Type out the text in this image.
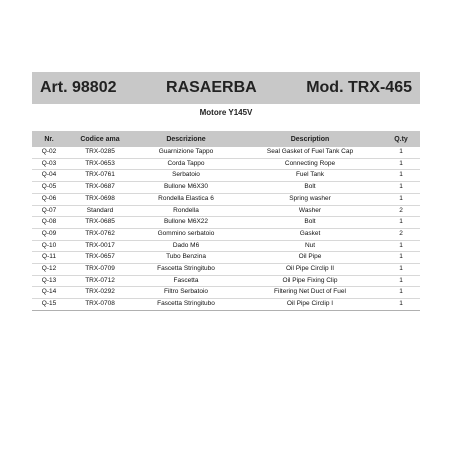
Art. 98802	RASAERBA	Mod. TRX-465
Motore Y145V
Nr.	Codice ama	Descrizione	Description	Q.ty
Q-02	TRX-0285	Guarnizione Tappo	Seal Gasket of Fuel Tank Cap	1
Q-03	TRX-0653	Corda Tappo	Connecting Rope	1
Q-04	TRX-0761	Serbatoio	Fuel Tank	1
Q-05	TRX-0687	Bullone M6X30	Bolt	1
Q-06	TRX-0698	Rondella Elastica 6	Spring washer	1
Q-07	Standard	Rondella	Washer	2
Q-08	TRX-0685	Bullone M6X22	Bolt	1
Q-09	TRX-0762	Gommino serbatoio	Gasket	2
Q-10	TRX-0017	Dado M6	Nut	1
Q-11	TRX-0657	Tubo Benzina	Oil Pipe	1
Q-12	TRX-0709	Fascetta Stringitubo	Oil Pipe Circlip II	1
Q-13	TRX-0712	Fascetta	Oil Pipe Fixing Clip	1
Q-14	TRX-0292	Filtro Serbatoio	Filtering Net Duct of Fuel	1
Q-15	TRX-0708	Fascetta Stringitubo	Oil Pipe Circlip I	1
